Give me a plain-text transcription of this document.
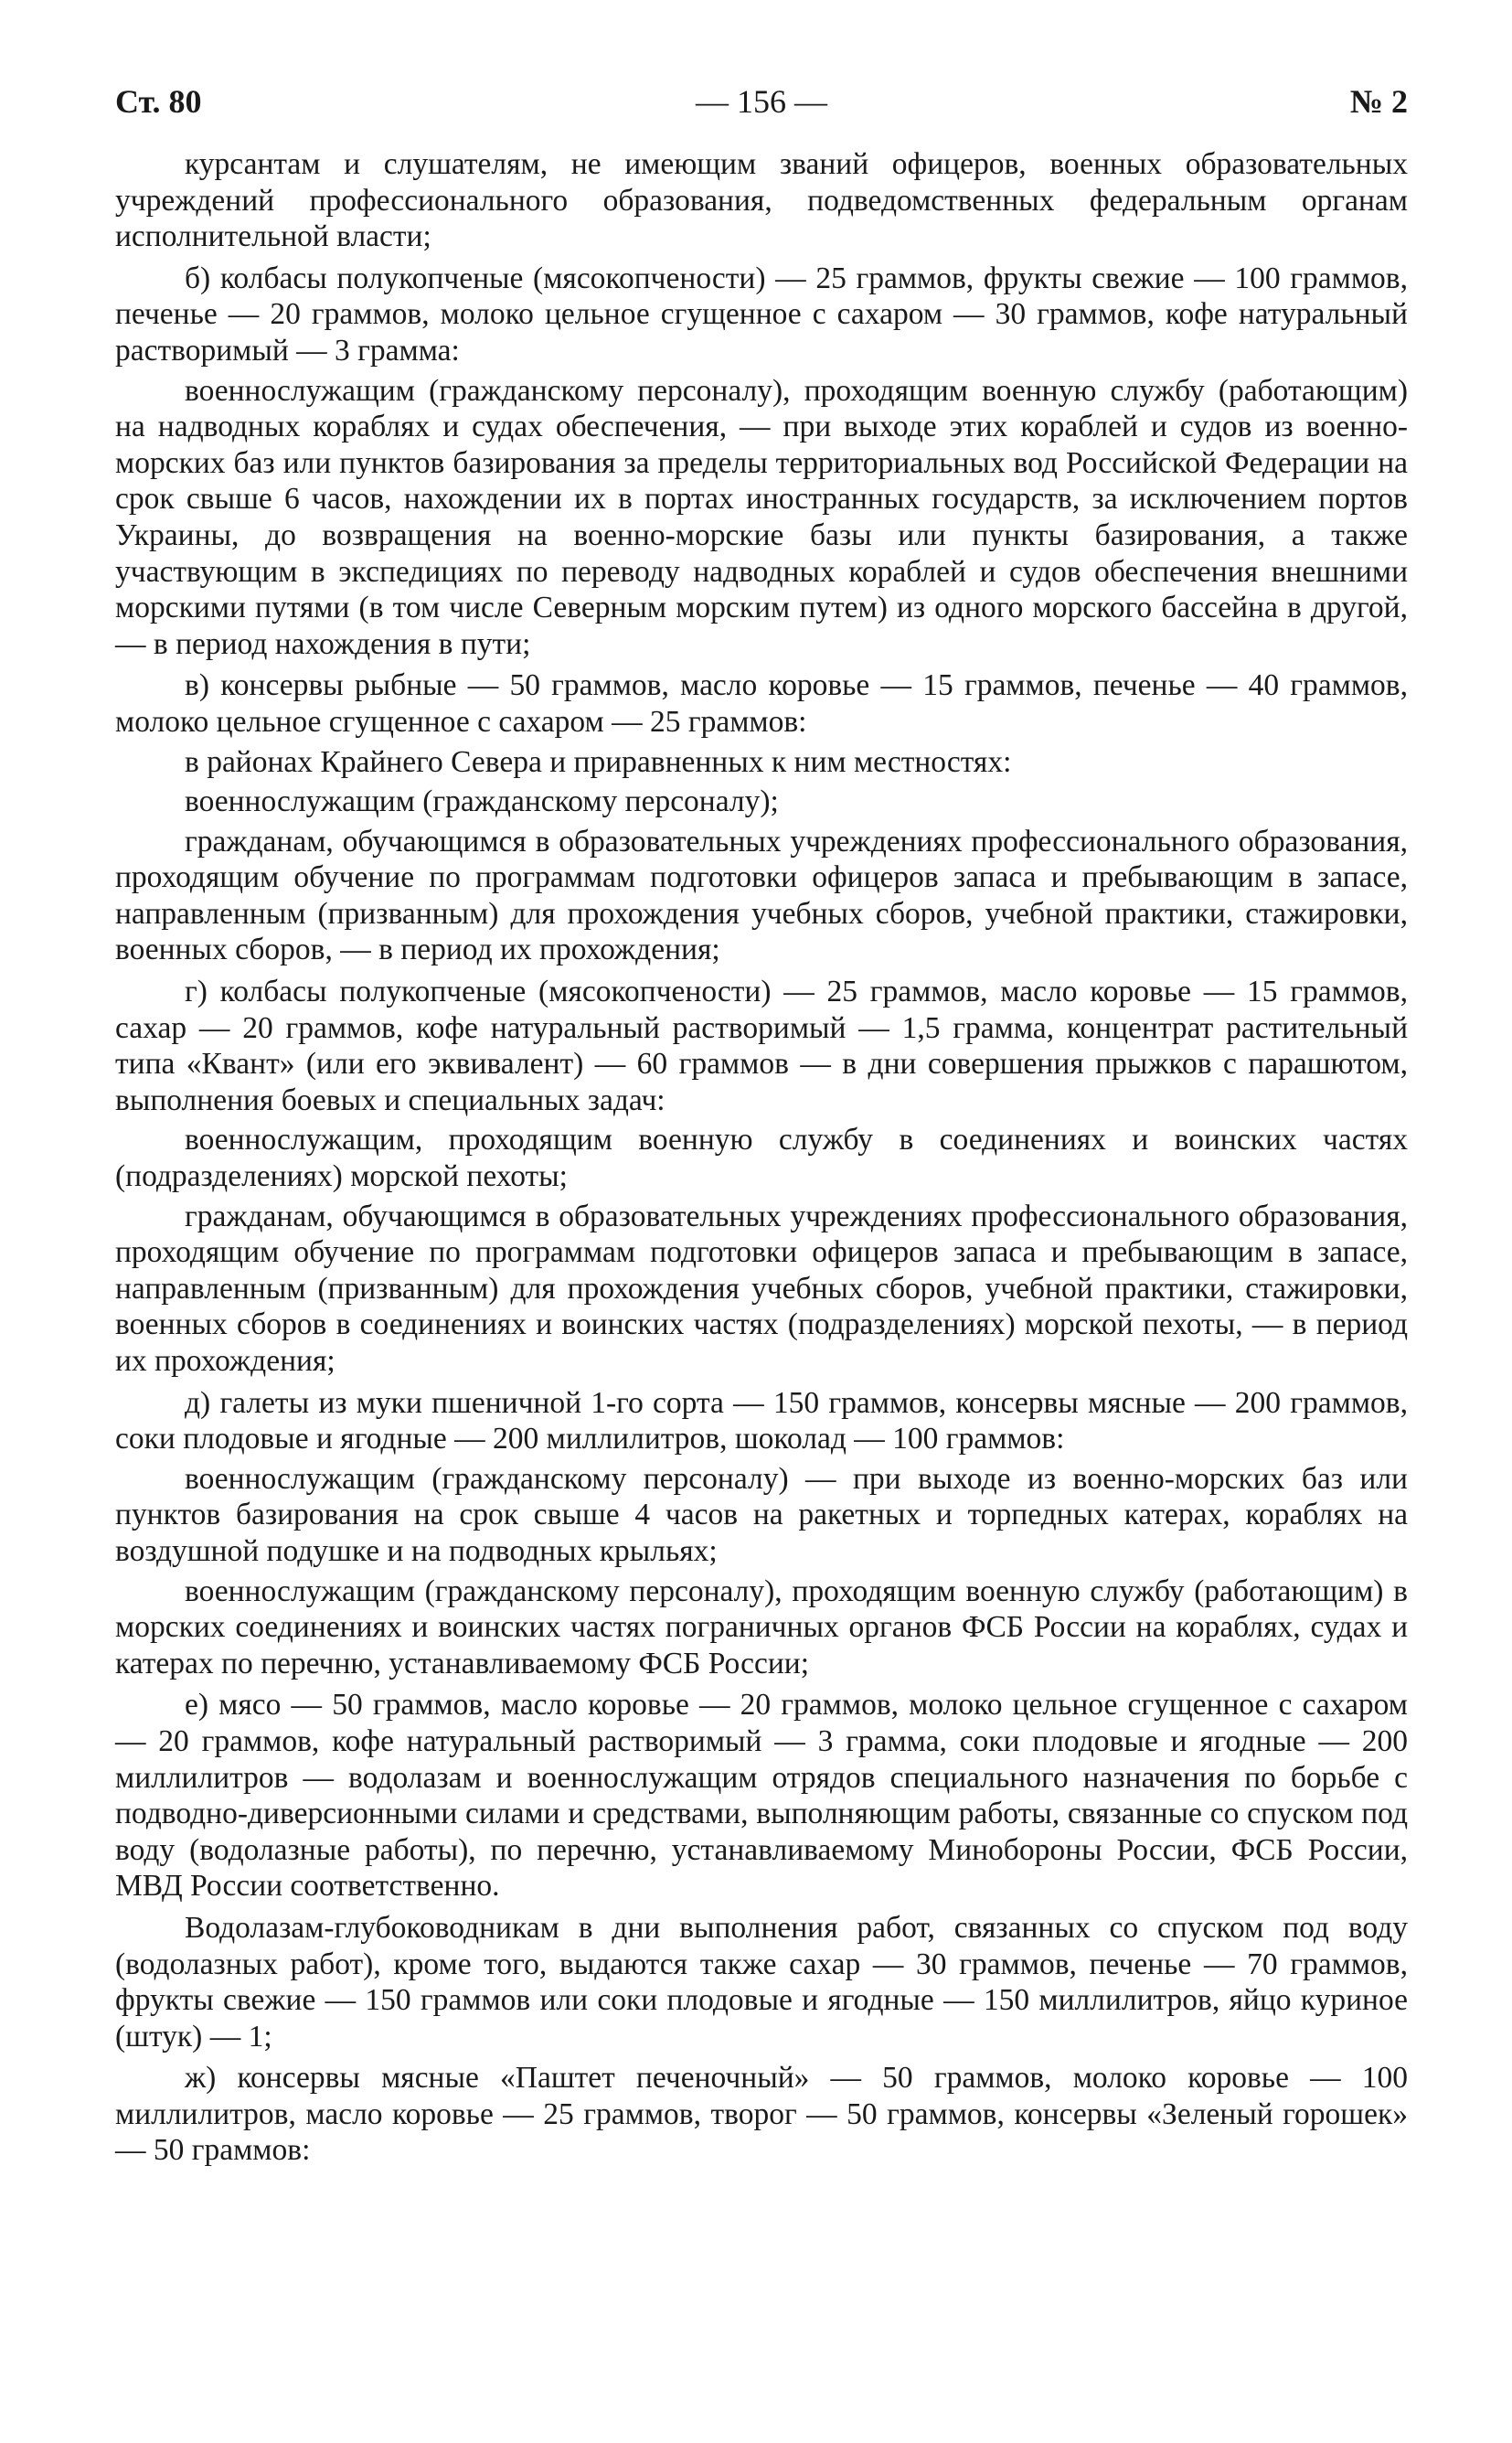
Ст. 80	— 156 —	№ 2

курсантам и слушателям, не имеющим званий офицеров, военных образовательных учреждений профессионального образования, подведомственных федеральным органам исполнительной власти;

б) колбасы полукопченые (мясокопчености) — 25 граммов, фрукты свежие — 100 граммов, печенье — 20 граммов, молоко цельное сгущенное с сахаром — 30 граммов, кофе натуральный растворимый — 3 грамма:

военнослужащим (гражданскому персоналу), проходящим военную службу (работающим) на надводных кораблях и судах обеспечения, — при выходе этих кораблей и судов из военно-морских баз или пунктов базирования за пределы территориальных вод Российской Федерации на срок свыше 6 часов, нахождении их в портах иностранных государств, за исключением портов Украины, до возвращения на военно-морские базы или пункты базирования, а также участвующим в экспедициях по переводу надводных кораблей и судов обеспечения внешними морскими путями (в том числе Северным морским путем) из одного морского бассейна в другой, — в период нахождения в пути;

в) консервы рыбные — 50 граммов, масло коровье — 15 граммов, печенье — 40 граммов, молоко цельное сгущенное с сахаром — 25 граммов:

в районах Крайнего Севера и приравненных к ним местностях:

военнослужащим (гражданскому персоналу);

гражданам, обучающимся в образовательных учреждениях профессионального образования, проходящим обучение по программам подготовки офицеров запаса и пребывающим в запасе, направленным (призванным) для прохождения учебных сборов, учебной практики, стажировки, военных сборов, — в период их прохождения;

г) колбасы полукопченые (мясокопчености) — 25 граммов, масло коровье — 15 граммов, сахар — 20 граммов, кофе натуральный растворимый — 1,5 грамма, концентрат растительный типа «Квант» (или его эквивалент) — 60 граммов — в дни совершения прыжков с парашютом, выполнения боевых и специальных задач:

военнослужащим, проходящим военную службу в соединениях и воинских частях (подразделениях) морской пехоты;

гражданам, обучающимся в образовательных учреждениях профессионального образования, проходящим обучение по программам подготовки офицеров запаса и пребывающим в запасе, направленным (призванным) для прохождения учебных сборов, учебной практики, стажировки, военных сборов в соединениях и воинских частях (подразделениях) морской пехоты, — в период их прохождения;

д) галеты из муки пшеничной 1-го сорта — 150 граммов, консервы мясные — 200 граммов, соки плодовые и ягодные — 200 миллилитров, шоколад — 100 граммов:

военнослужащим (гражданскому персоналу) — при выходе из военно-морских баз или пунктов базирования на срок свыше 4 часов на ракетных и торпедных катерах, кораблях на воздушной подушке и на подводных крыльях;

военнослужащим (гражданскому персоналу), проходящим военную службу (работающим) в морских соединениях и воинских частях пограничных органов ФСБ России на кораблях, судах и катерах по перечню, устанавливаемому ФСБ России;

е) мясо — 50 граммов, масло коровье — 20 граммов, молоко цельное сгущенное с сахаром — 20 граммов, кофе натуральный растворимый — 3 грамма, соки плодовые и ягодные — 200 миллилитров — водолазам и военнослужащим отрядов специального назначения по борьбе с подводно-диверсионными силами и средствами, выполняющим работы, связанные со спуском под воду (водолазные работы), по перечню, устанавливаемому Минобороны России, ФСБ России, МВД России соответственно.

Водолазам-глубоководникам в дни выполнения работ, связанных со спуском под воду (водолазных работ), кроме того, выдаются также сахар — 30 граммов, печенье — 70 граммов, фрукты свежие — 150 граммов или соки плодовые и ягодные — 150 миллилитров, яйцо куриное (штук) — 1;

ж) консервы мясные «Паштет печеночный» — 50 граммов, молоко коровье — 100 миллилитров, масло коровье — 25 граммов, творог — 50 граммов, консервы «Зеленый горошек» — 50 граммов:
